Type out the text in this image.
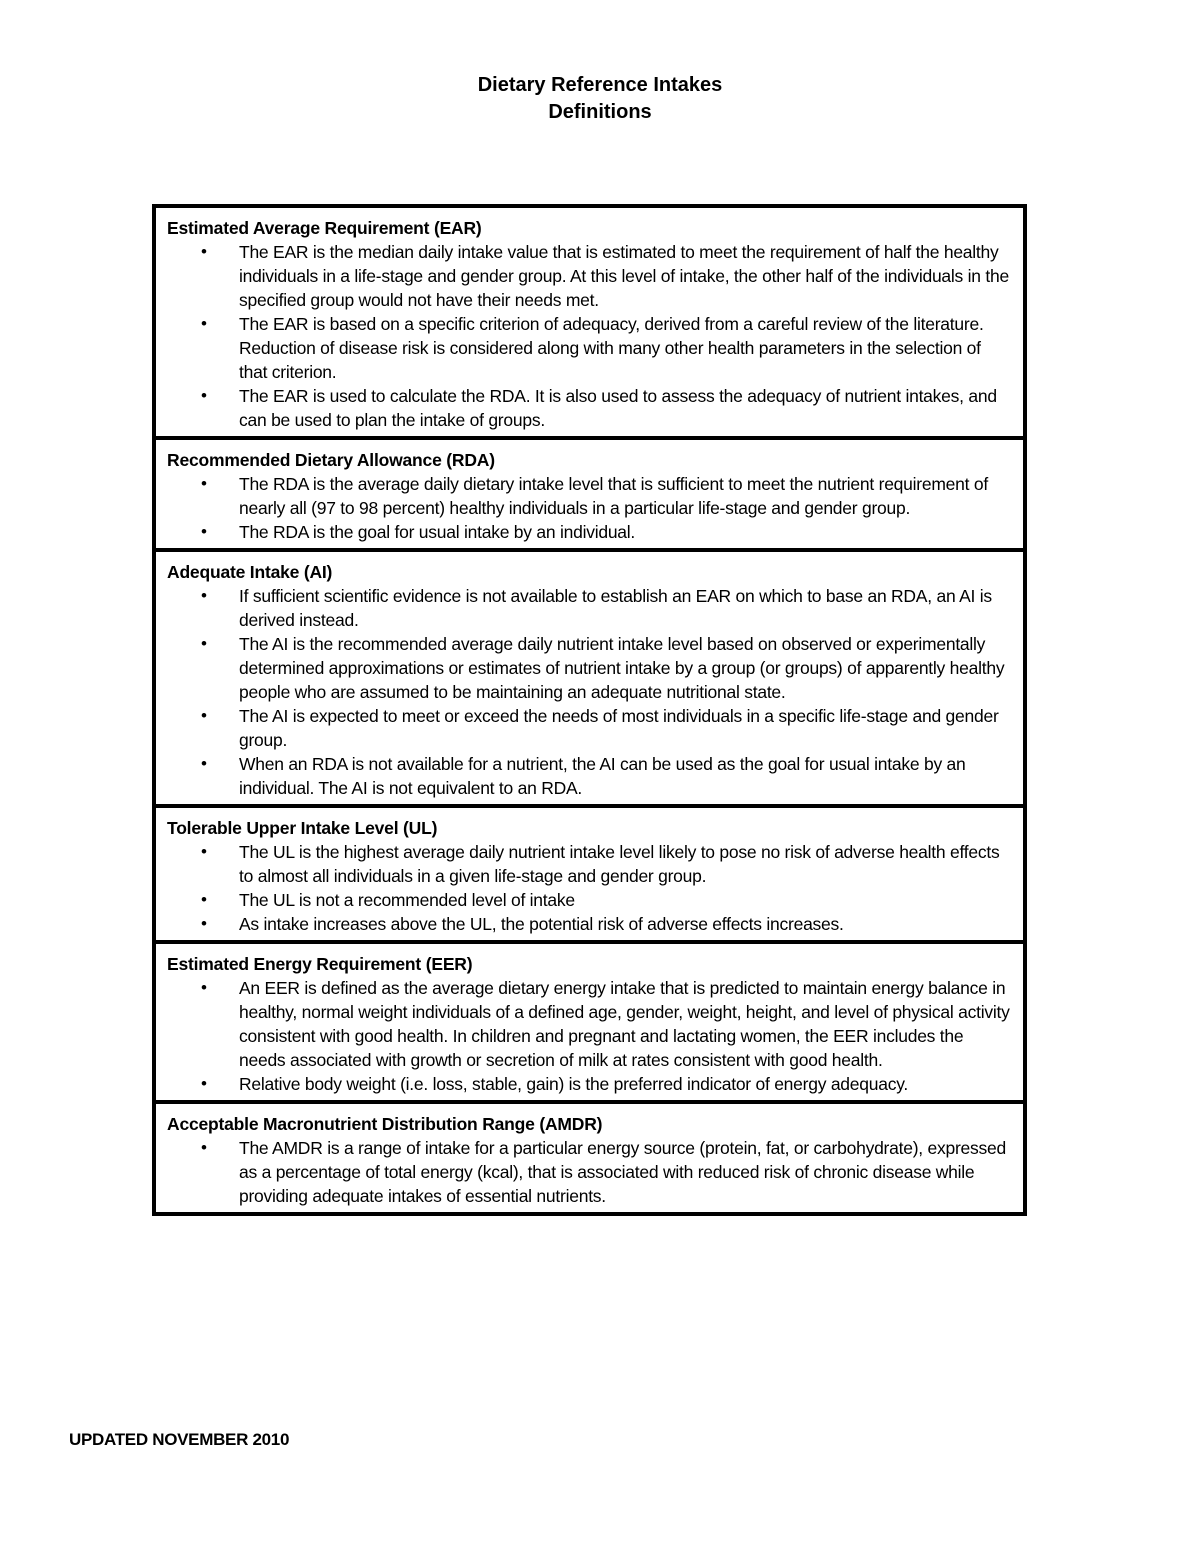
Dietary Reference Intakes
Definitions
Estimated Average Requirement (EAR)
• The EAR is the median daily intake value that is estimated to meet the requirement of half the healthy individuals in a life-stage and gender group. At this level of intake, the other half of the individuals in the specified group would not have their needs met.
• The EAR is based on a specific criterion of adequacy, derived from a careful review of the literature. Reduction of disease risk is considered along with many other health parameters in the selection of that criterion.
• The EAR is used to calculate the RDA. It is also used to assess the adequacy of nutrient intakes, and can be used to plan the intake of groups.
Recommended Dietary Allowance (RDA)
• The RDA is the average daily dietary intake level that is sufficient to meet the nutrient requirement of nearly all (97 to 98 percent) healthy individuals in a particular life-stage and gender group.
• The RDA is the goal for usual intake by an individual.
Adequate Intake (AI)
• If sufficient scientific evidence is not available to establish an EAR on which to base an RDA, an AI is derived instead.
• The AI is the recommended average daily nutrient intake level based on observed or experimentally determined approximations or estimates of nutrient intake by a group (or groups) of apparently healthy people who are assumed to be maintaining an adequate nutritional state.
• The AI is expected to meet or exceed the needs of most individuals in a specific life-stage and gender group.
• When an RDA is not available for a nutrient, the AI can be used as the goal for usual intake by an individual. The AI is not equivalent to an RDA.
Tolerable Upper Intake Level (UL)
• The UL is the highest average daily nutrient intake level likely to pose no risk of adverse health effects to almost all individuals in a given life-stage and gender group.
• The UL is not a recommended level of intake
• As intake increases above the UL, the potential risk of adverse effects increases.
Estimated Energy Requirement (EER)
• An EER is defined as the average dietary energy intake that is predicted to maintain energy balance in healthy, normal weight individuals of a defined age, gender, weight, height, and level of physical activity consistent with good health. In children and pregnant and lactating women, the EER includes the needs associated with growth or secretion of milk at rates consistent with good health.
• Relative body weight (i.e. loss, stable, gain) is the preferred indicator of energy adequacy.
Acceptable Macronutrient Distribution Range (AMDR)
• The AMDR is a range of intake for a particular energy source (protein, fat, or carbohydrate), expressed as a percentage of total energy (kcal), that is associated with reduced risk of chronic disease while providing adequate intakes of essential nutrients.
UPDATED NOVEMBER 2010
